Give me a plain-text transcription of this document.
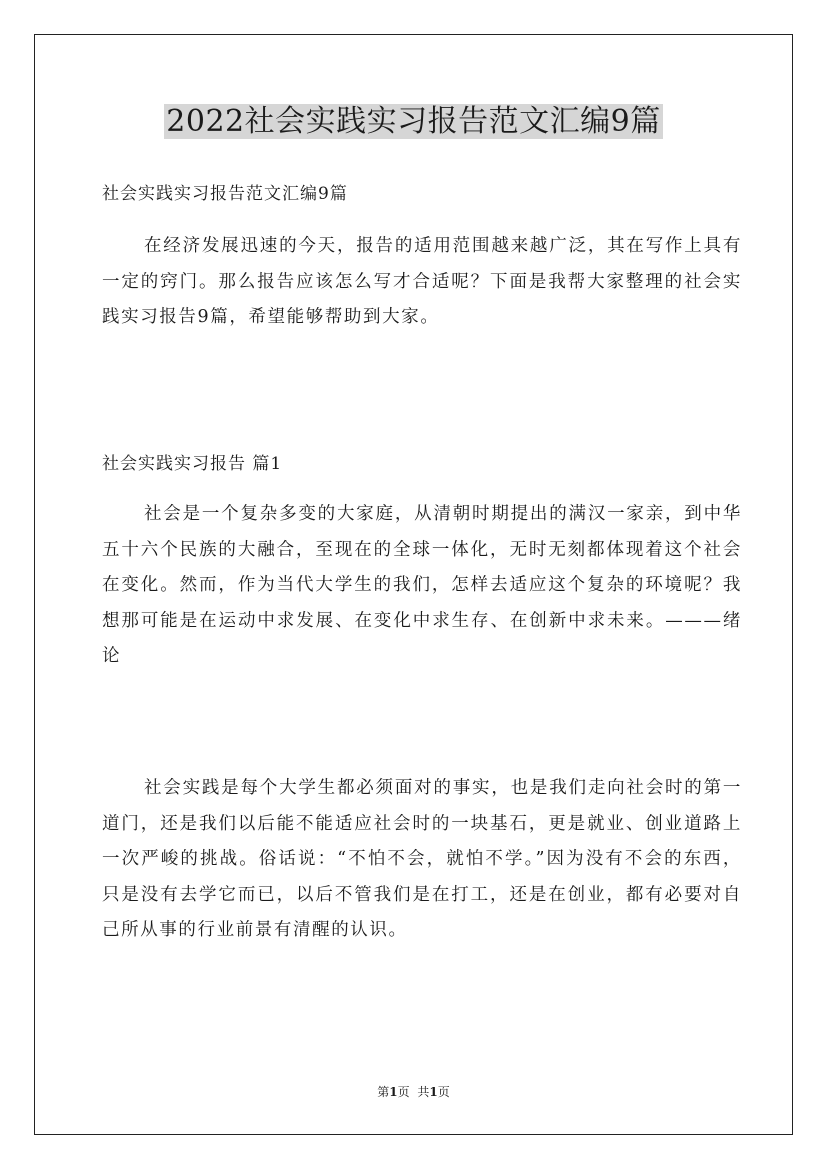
2022社会实践实习报告范文汇编9篇
社会实践实习报告范文汇编9篇

在经济发展迅速的今天，报告的适用范围越来越广泛，其在写作上具有一定的窍门。那么报告应该怎么写才合适呢？下面是我帮大家整理的社会实践实习报告9篇，希望能够帮助到大家。

社会实践实习报告 篇1

社会是一个复杂多变的大家庭，从清朝时期提出的满汉一家亲，到中华五十六个民族的大融合，至现在的全球一体化，无时无刻都体现着这个社会在变化。然而，作为当代大学生的我们，怎样去适应这个复杂的环境呢？我想那可能是在运动中求发展、在变化中求生存、在创新中求未来。———绪论

社会实践是每个大学生都必须面对的事实，也是我们走向社会时的第一道门，还是我们以后能不能适应社会时的一块基石，更是就业、创业道路上一次严峻的挑战。俗话说：“不怕不会，就怕不学。”因为没有不会的东西，只是没有去学它而已，以后不管我们是在打工，还是在创业，都有必要对自己所从事的行业前景有清醒的认识。

第1页 共1页
